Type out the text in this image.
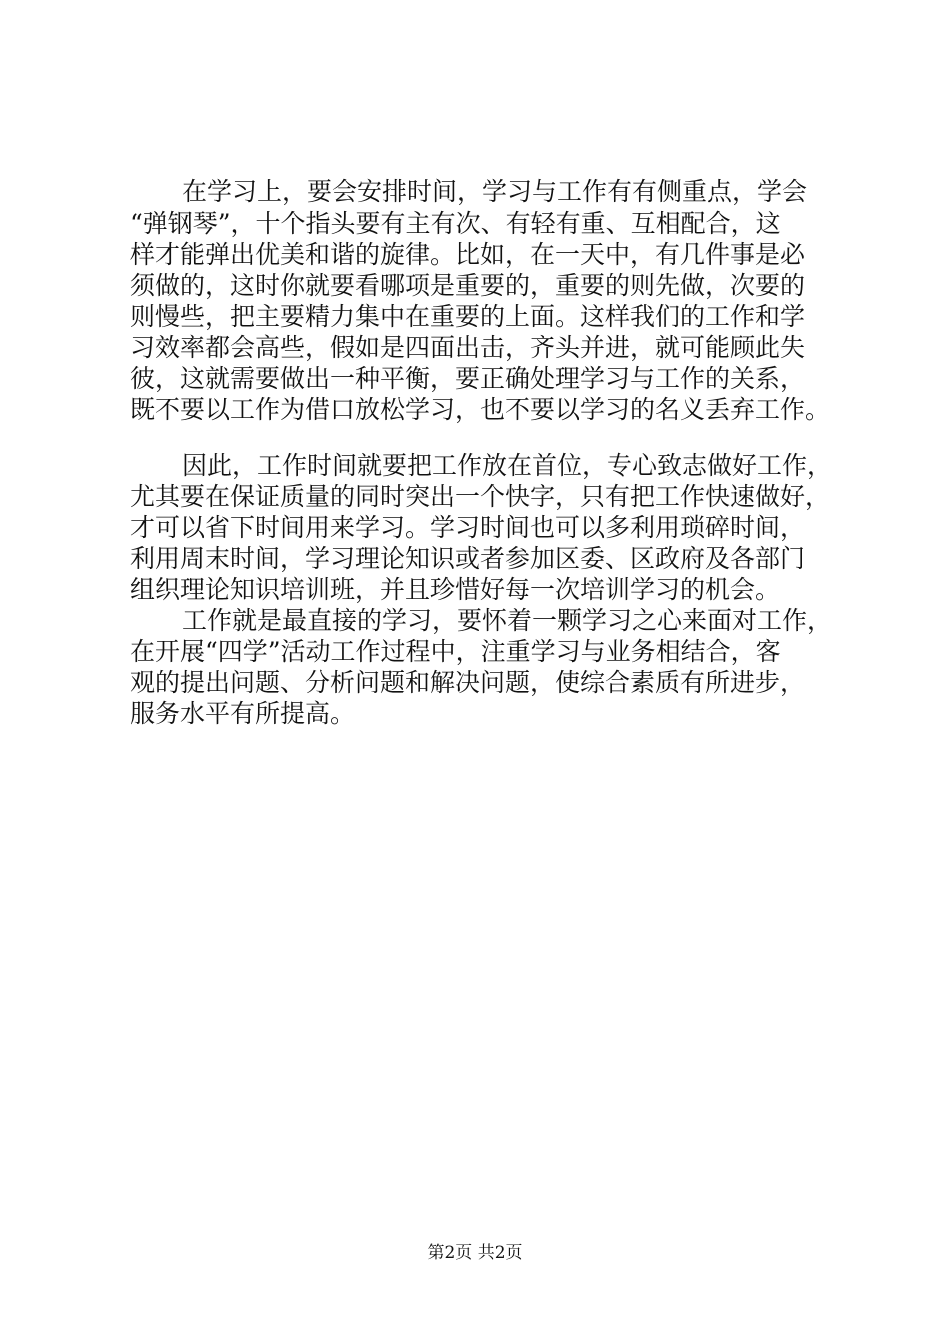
在学习上，要会安排时间，学习与工作有有侧重点，学会
“弹钢琴”，十个指头要有主有次、有轻有重、互相配合，这
样才能弹出优美和谐的旋律。比如，在一天中，有几件事是必
须做的，这时你就要看哪项是重要的，重要的则先做，次要的
则慢些，把主要精力集中在重要的上面。这样我们的工作和学
习效率都会高些，假如是四面出击，齐头并进，就可能顾此失
彼，这就需要做出一种平衡，要正确处理学习与工作的关系，
既不要以工作为借口放松学习，也不要以学习的名义丢弃工作。
因此，工作时间就要把工作放在首位，专心致志做好工作，
尤其要在保证质量的同时突出一个快字，只有把工作快速做好，
才可以省下时间用来学习。学习时间也可以多利用琐碎时间，
利用周末时间，学习理论知识或者参加区委、区政府及各部门
组织理论知识培训班，并且珍惜好每一次培训学习的机会。
工作就是最直接的学习，要怀着一颗学习之心来面对工作，
在开展“四学”活动工作过程中，注重学习与业务相结合，客
观的提出问题、分析问题和解决问题，使综合素质有所进步，
服务水平有所提高。
第2页 共2页
